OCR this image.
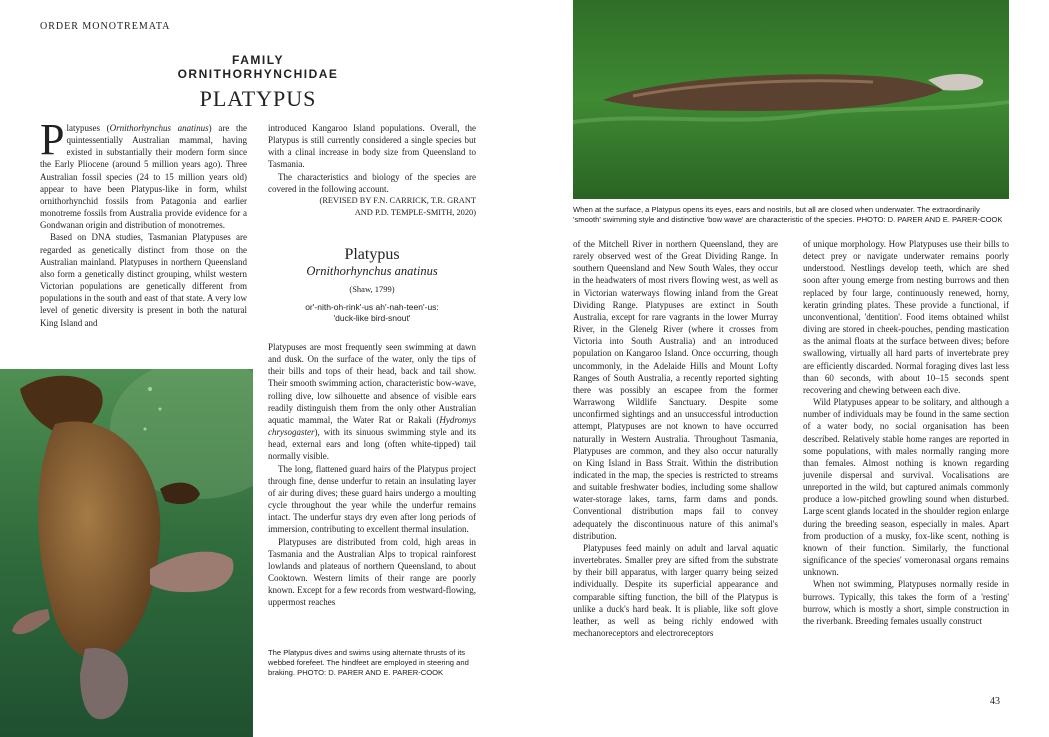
ORDER MONOTREMATA
FAMILY ORNITHORHYNCHIDAE
PLATYPUS

Platypuses (Ornithorhynchus anatinus) are the quintessentially Australian mammal, having existed in substantially their modern form since the Early Pliocene (around 5 million years ago). Three Australian fossil species (24 to 15 million years old) appear to have been Platypus-like in form, whilst ornithorhynchid fossils from Patagonia and earlier monotreme fossils from Australia provide evidence for a Gondwanan origin and distribution of monotremes.

Based on DNA studies, Tasmanian Platypuses are regarded as genetically distinct from those on the Australian mainland. Platypuses in northern Queensland also form a genetically distinct grouping, whilst western Victorian populations are genetically different from populations in the south and east of that state. A very low level of genetic diversity is present in both the natural King Island and

introduced Kangaroo Island populations. Overall, the Platypus is still currently considered a single species but with a clinal increase in body size from Queensland to Tasmania.

The characteristics and biology of the species are covered in the following account.

(REVISED BY F.N. CARRICK, T.R. GRANT
AND P.D. TEMPLE-SMITH, 2020)
Platypus
Ornithorhynchus anatinus
(Shaw, 1799)
or'-nith-oh-rink'-us ah'-nah-teen'-us:
'duck-like bird-snout'

Platypuses are most frequently seen swimming at dawn and dusk. On the surface of the water, only the tips of their bills and tops of their head, back and tail show. Their smooth swimming action, characteristic bow-wave, rolling dive, low silhouette and absence of visible ears readily distinguish them from the only other Australian aquatic mammal, the Water Rat or Rakali (Hydromys chrysogaster), with its sinuous swimming style and its head, external ears and long (often white-tipped) tail normally visible.

The long, flattened guard hairs of the Platypus project through fine, dense underfur to retain an insulating layer of air during dives; these guard hairs undergo a moulting cycle throughout the year while the underfur remains intact. The underfur stays dry even after long periods of immersion, contributing to excellent thermal insulation.

Platypuses are distributed from cold, high areas in Tasmania and the Australian Alps to tropical rainforest lowlands and plateaus of northern Queensland, to about Cooktown. Western limits of their range are poorly known. Except for a few records from westward-flowing, uppermost reaches

The Platypus dives and swims using alternate thrusts of its webbed forefeet. The hindfeet are employed in steering and braking. PHOTO: D. PARER AND E. PARER-COOK
When at the surface, a Platypus opens its eyes, ears and nostrils, but all are closed when underwater. The extraordinarily 'smooth' swimming style and distinctive 'bow wave' are characteristic of the species. PHOTO: D. PARER AND E. PARER-COOK

of the Mitchell River in northern Queensland, they are rarely observed west of the Great Dividing Range. In southern Queensland and New South Wales, they occur in the headwaters of most rivers flowing west, as well as in Victorian waterways flowing inland from the Great Dividing Range. Platypuses are extinct in South Australia, except for rare vagrants in the lower Murray River, in the Glenelg River (where it crosses from Victoria into South Australia) and an introduced population on Kangaroo Island. Once occurring, though uncommonly, in the Adelaide Hills and Mount Lofty Ranges of South Australia, a recently reported sighting there was possibly an escapee from the former Warrawong Wildlife Sanctuary. Despite some unconfirmed sightings and an unsuccessful introduction attempt, Platypuses are not known to have occurred naturally in Western Australia. Throughout Tasmania, Platypuses are common, and they also occur naturally on King Island in Bass Strait. Within the distribution indicated in the map, the species is restricted to streams and suitable freshwater bodies, including some shallow water-storage lakes, tarns, farm dams and ponds. Conventional distribution maps fail to convey adequately the discontinuous nature of this animal's distribution.

Platypuses feed mainly on adult and larval aquatic invertebrates. Smaller prey are sifted from the substrate by their bill apparatus, with larger quarry being seized individually. Despite its superficial appearance and comparable sifting function, the bill of the Platypus is unlike a duck's hard beak. It is pliable, like soft glove leather, as well as being richly endowed with mechanoreceptors and electroreceptors

of unique morphology. How Platypuses use their bills to detect prey or navigate underwater remains poorly understood. Nestlings develop teeth, which are shed soon after young emerge from nesting burrows and then replaced by four large, continuously renewed, horny, keratin grinding plates. These provide a functional, if unconventional, 'dentition'. Food items obtained whilst diving are stored in cheek-pouches, pending mastication as the animal floats at the surface between dives; before swallowing, virtually all hard parts of invertebrate prey are efficiently discarded. Normal foraging dives last less than 60 seconds, with about 10–15 seconds spent recovering and chewing between each dive.

Wild Platypuses appear to be solitary, and although a number of individuals may be found in the same section of a water body, no social organisation has been described. Relatively stable home ranges are reported in some populations, with males normally ranging more than females. Almost nothing is known regarding juvenile dispersal and survival. Vocalisations are unreported in the wild, but captured animals commonly produce a low-pitched growling sound when disturbed. Large scent glands located in the shoulder region enlarge during the breeding season, especially in males. Apart from production of a musky, fox-like scent, nothing is known of their function. Similarly, the functional significance of the species' vomeronasal organs remains unknown.

When not swimming, Platypuses normally reside in burrows. Typically, this takes the form of a 'resting' burrow, which is mostly a short, simple construction in the riverbank. Breeding females usually construct

43
